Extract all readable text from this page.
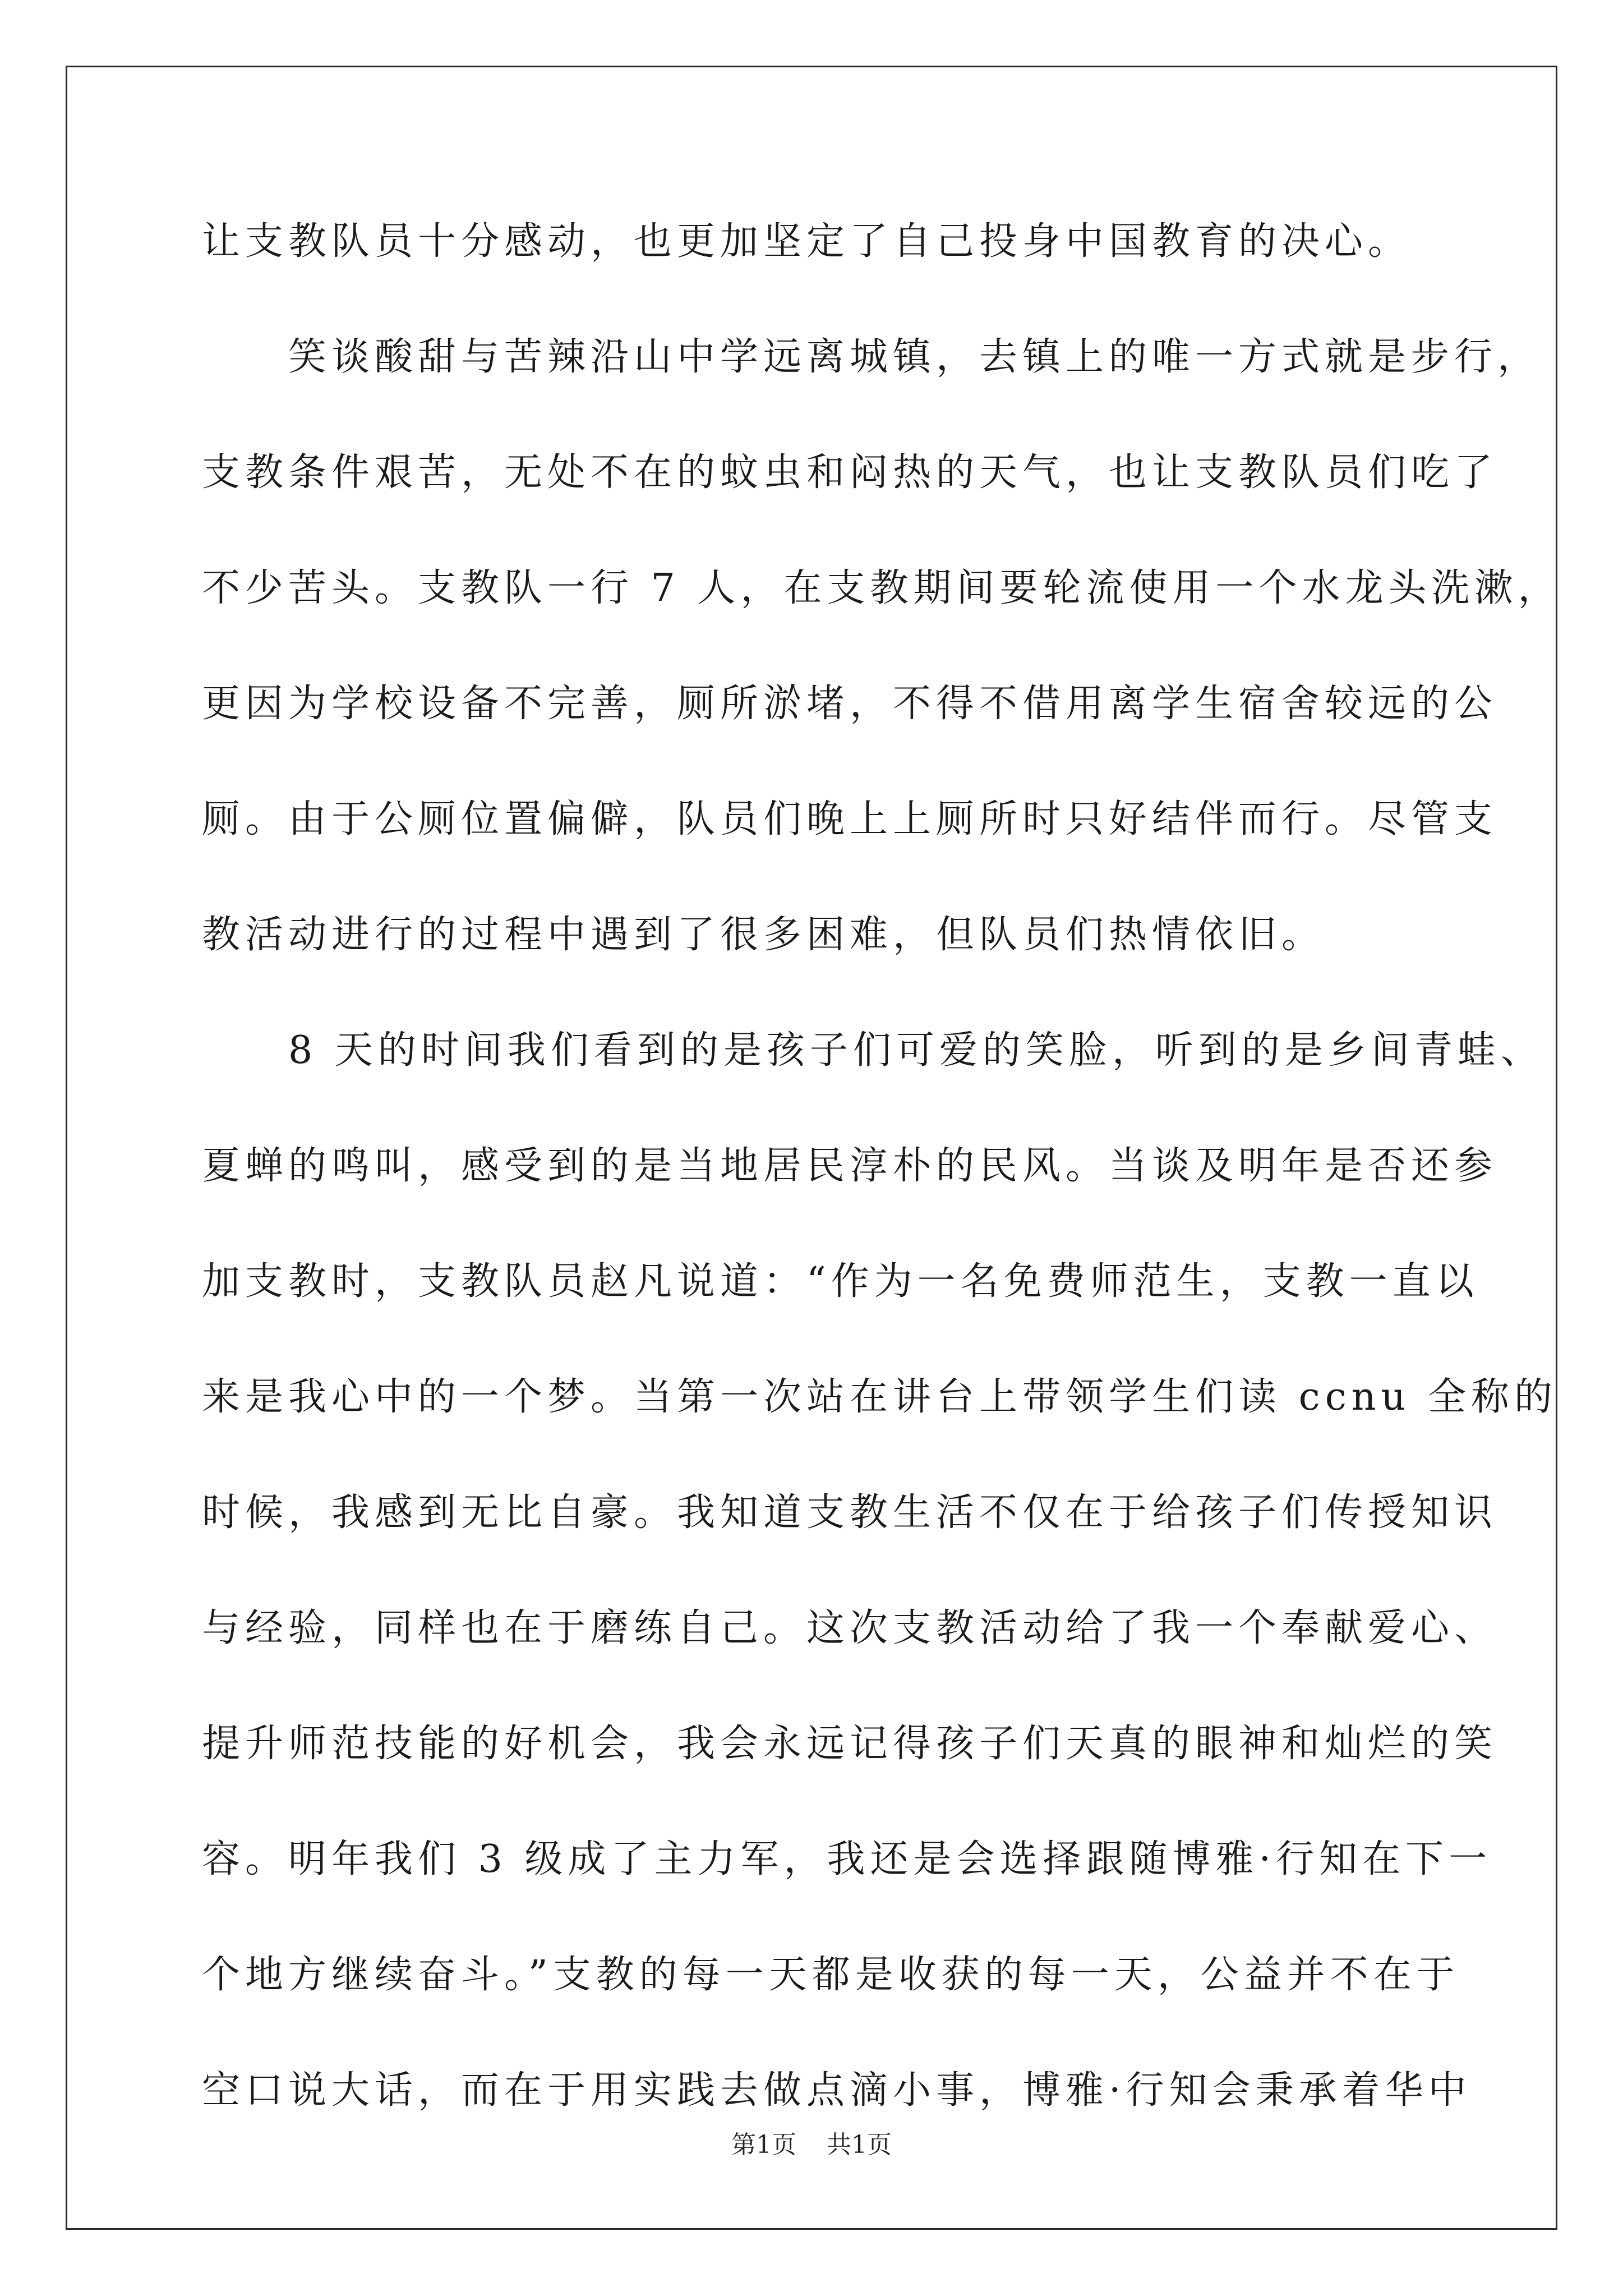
让支教队员十分感动，也更加坚定了自己投身中国教育的决心。
　　笑谈酸甜与苦辣沿山中学远离城镇，去镇上的唯一方式就是步行，
支教条件艰苦，无处不在的蚊虫和闷热的天气，也让支教队员们吃了
不少苦头。支教队一行 7 人，在支教期间要轮流使用一个水龙头洗漱，
更因为学校设备不完善，厕所淤堵，不得不借用离学生宿舍较远的公
厕。由于公厕位置偏僻，队员们晚上上厕所时只好结伴而行。尽管支
教活动进行的过程中遇到了很多困难，但队员们热情依旧。
　　8 天的时间我们看到的是孩子们可爱的笑脸，听到的是乡间青蛙、
夏蝉的鸣叫，感受到的是当地居民淳朴的民风。当谈及明年是否还参
加支教时，支教队员赵凡说道：“作为一名免费师范生，支教一直以
来是我心中的一个梦。当第一次站在讲台上带领学生们读 ccnu 全称的
时候，我感到无比自豪。我知道支教生活不仅在于给孩子们传授知识
与经验，同样也在于磨练自己。这次支教活动给了我一个奉献爱心、
提升师范技能的好机会，我会永远记得孩子们天真的眼神和灿烂的笑
容。明年我们 3 级成了主力军，我还是会选择跟随博雅·行知在下一
个地方继续奋斗。”支教的每一天都是收获的每一天，公益并不在于
空口说大话，而在于用实践去做点滴小事，博雅·行知会秉承着华中
第1页 共1页
